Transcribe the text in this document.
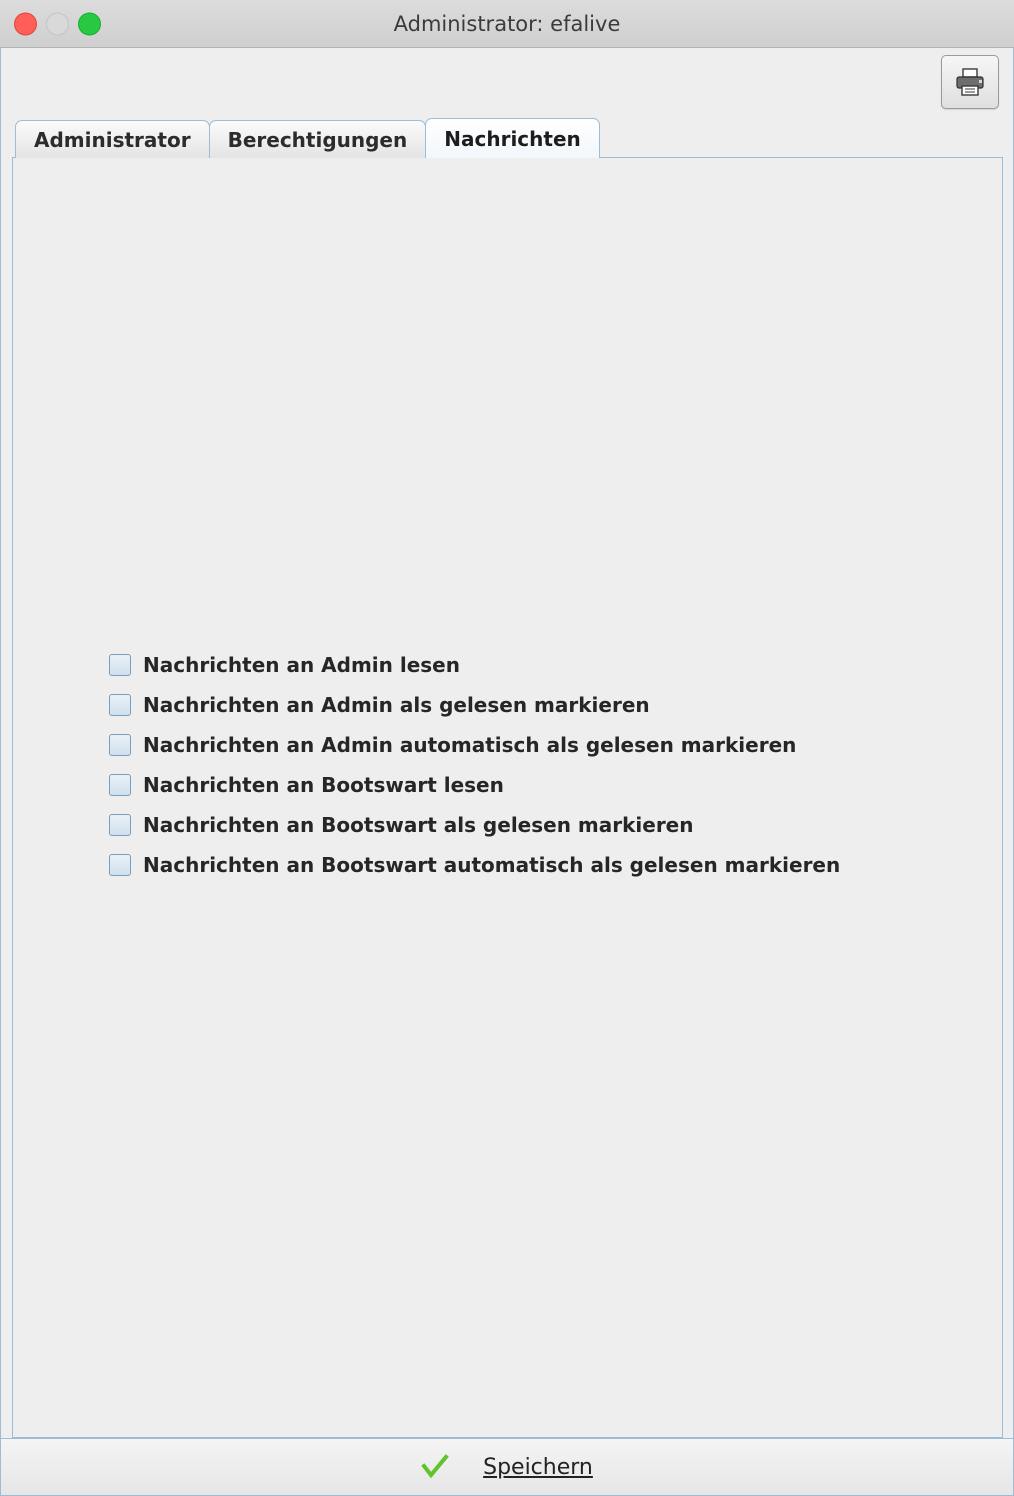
Administrator: efalive
Administrator Berechtigungen Nachrichten
Nachrichten an Admin lesen
Nachrichten an Admin als gelesen markieren
Nachrichten an Admin automatisch als gelesen markieren
Nachrichten an Bootswart lesen
Nachrichten an Bootswart als gelesen markieren
Nachrichten an Bootswart automatisch als gelesen markieren
Speichern
